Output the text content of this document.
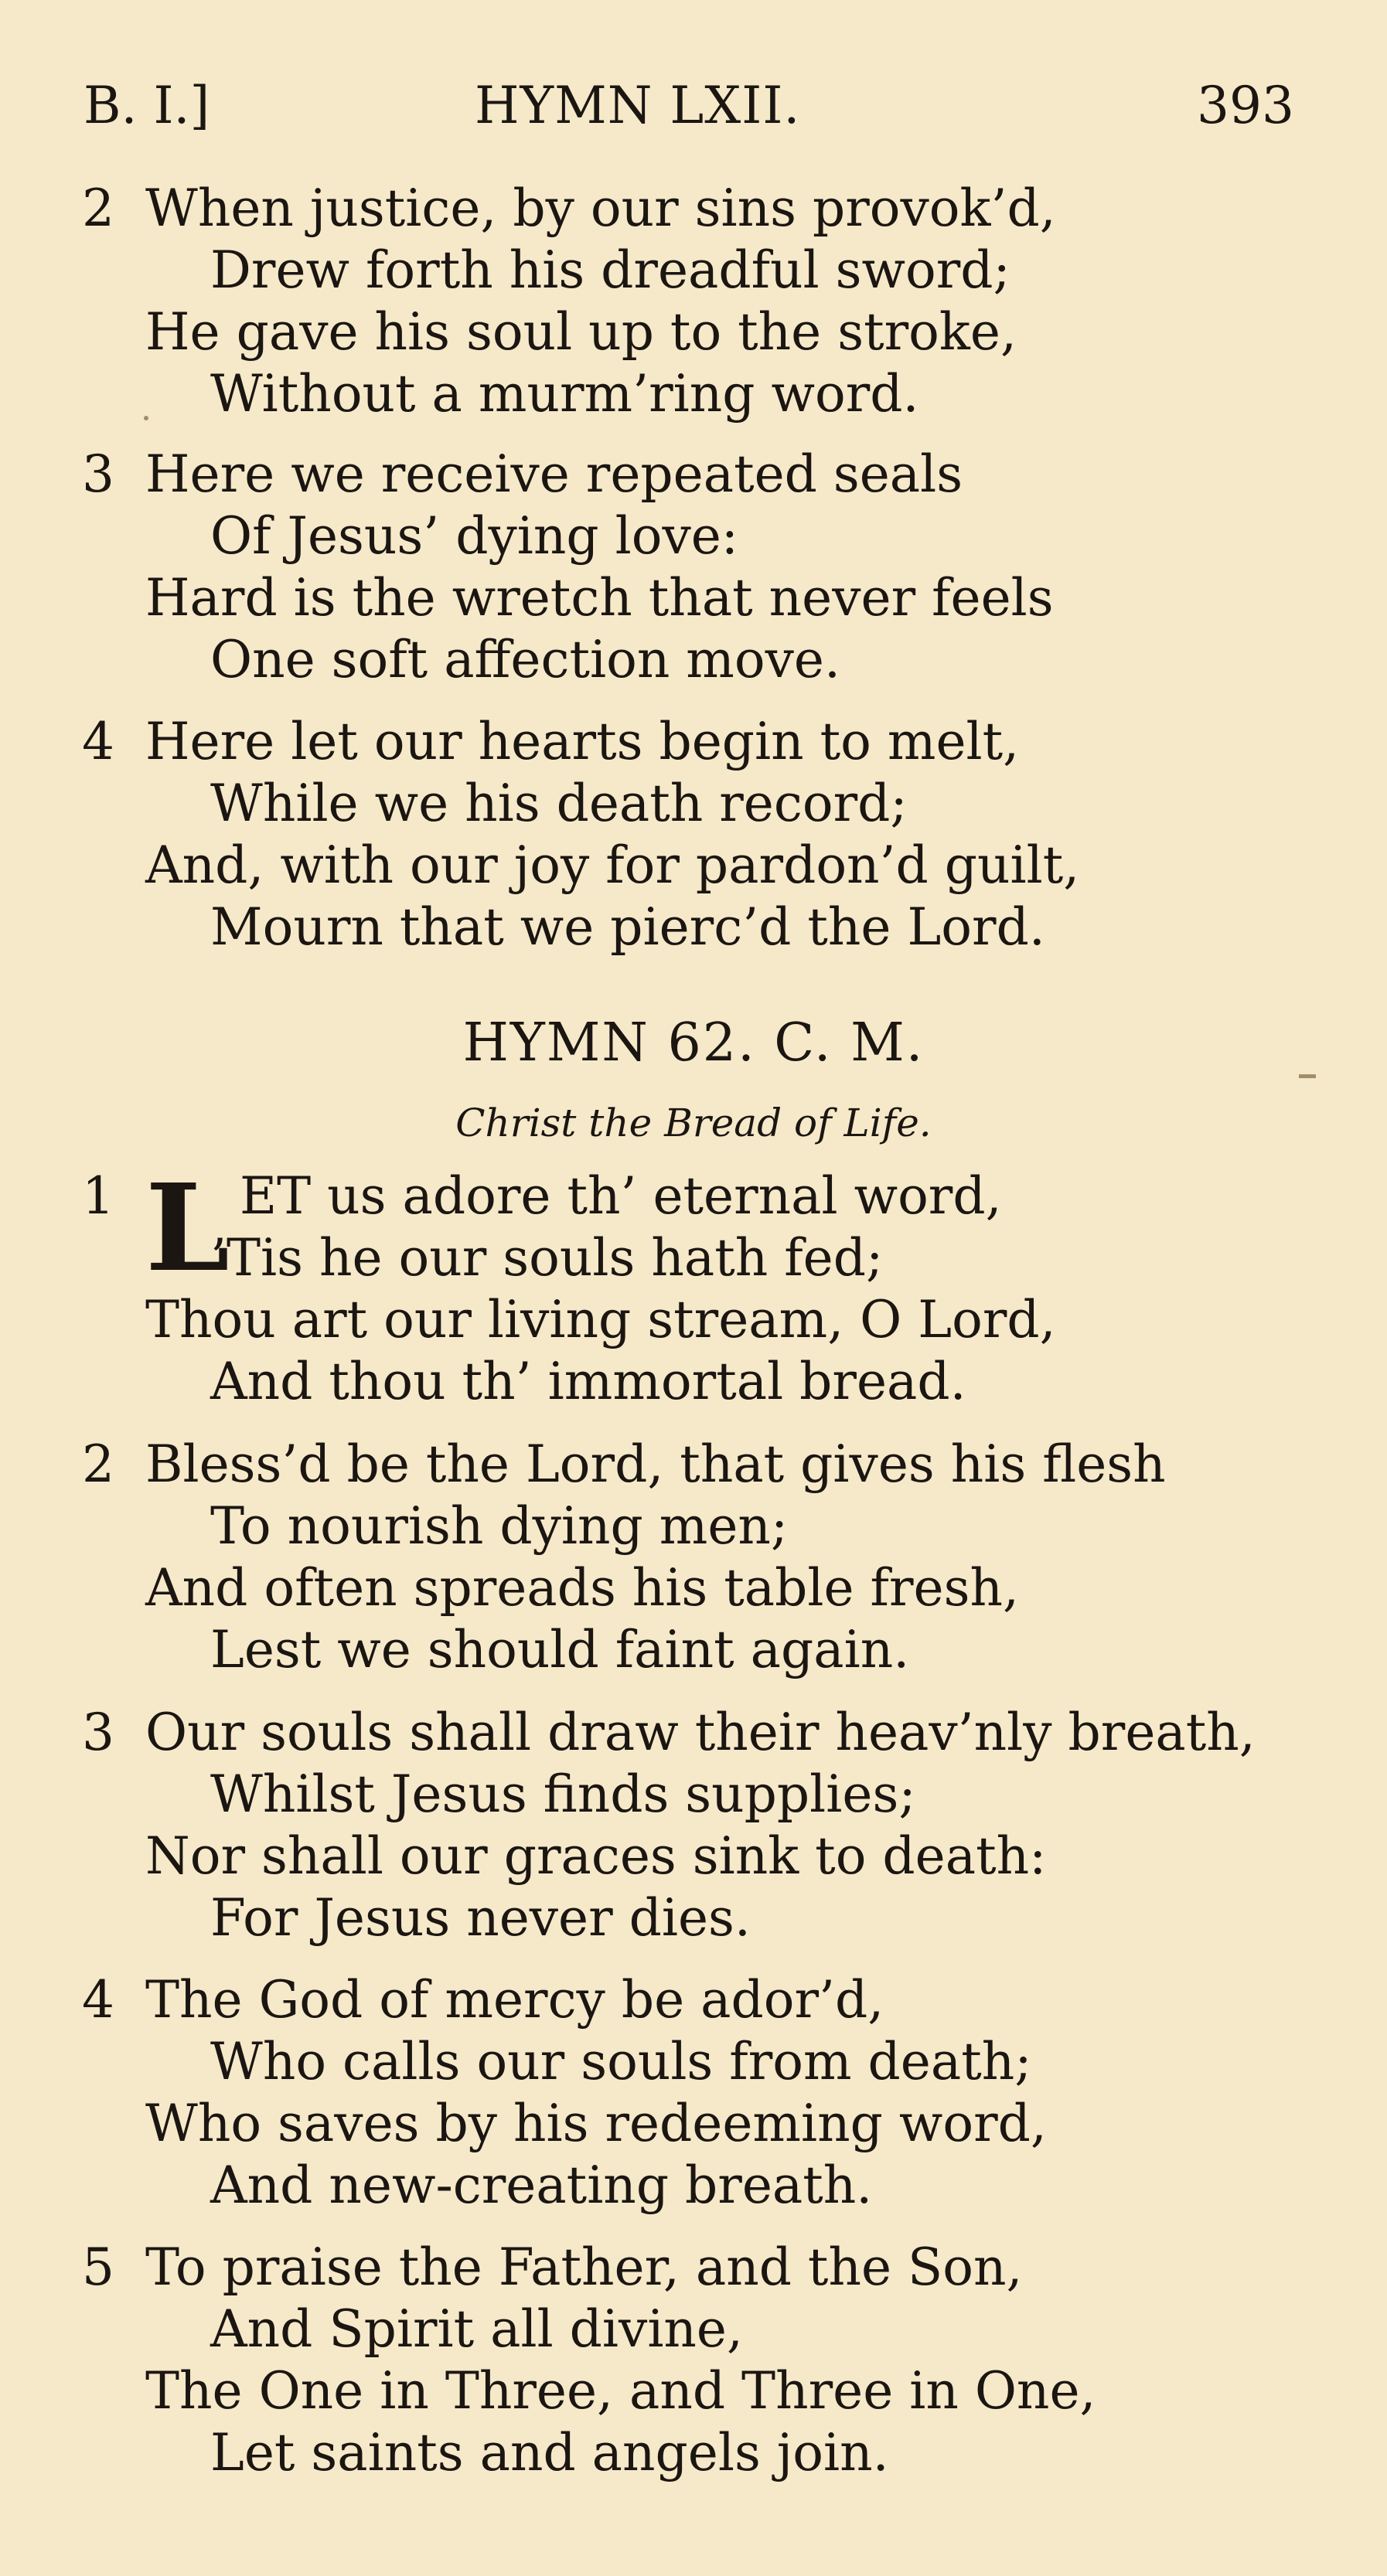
B. I.]	HYMN LXII.	393
2 When justice, by our sins provok’d,
Drew forth his dreadful sword;
He gave his soul up to the stroke,
Without a murm’ring word.
3 Here we receive repeated seals
Of Jesus’ dying love:
Hard is the wretch that never feels
One soft affection move.
4 Here let our hearts begin to melt,
While we his death record;
And, with our joy for pardon’d guilt,
Mourn that we pierc’d the Lord.
HYMN 62. C. M.
Christ the Bread of Life.
1 L ET us adore th’ eternal word,
’Tis he our souls hath fed;
Thou art our living stream, O Lord,
And thou th’ immortal bread.
2 Bless’d be the Lord, that gives his flesh
To nourish dying men;
And often spreads his table fresh,
Lest we should faint again.
3 Our souls shall draw their heav’nly breath,
Whilst Jesus finds supplies;
Nor shall our graces sink to death:
For Jesus never dies.
4 The God of mercy be ador’d,
Who calls our souls from death;
Who saves by his redeeming word,
And new-creating breath.
5 To praise the Father, and the Son,
And Spirit all divine,
The One in Three, and Three in One,
Let saints and angels join.
